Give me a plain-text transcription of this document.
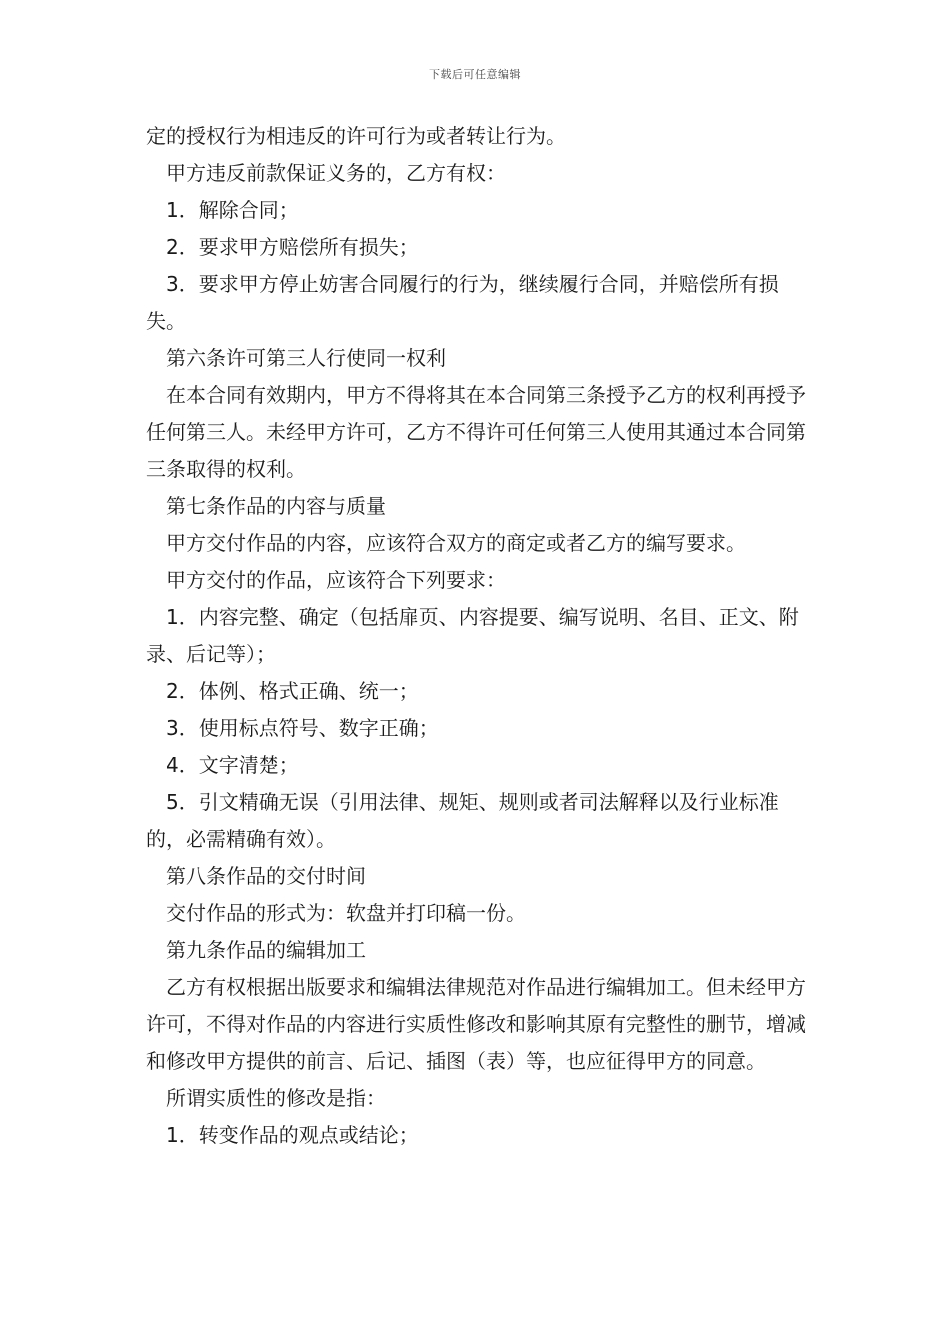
下载后可任意编辑

定的授权行为相违反的许可行为或者转让行为。

甲方违反前款保证义务的，乙方有权：

1．解除合同；

2．要求甲方赔偿所有损失；

3．要求甲方停止妨害合同履行的行为，继续履行合同，并赔偿所有损失。

第六条许可第三人行使同一权利

在本合同有效期内，甲方不得将其在本合同第三条授予乙方的权利再授予任何第三人。未经甲方许可，乙方不得许可任何第三人使用其通过本合同第三条取得的权利。

第七条作品的内容与质量

甲方交付作品的内容，应该符合双方的商定或者乙方的编写要求。

甲方交付的作品，应该符合下列要求：

1．内容完整、确定（包括扉页、内容提要、编写说明、名目、正文、附录、后记等）；

2．体例、格式正确、统一；

3．使用标点符号、数字正确；

4．文字清楚；

5．引文精确无误（引用法律、规矩、规则或者司法解释以及行业标准的，必需精确有效）。

第八条作品的交付时间

交付作品的形式为：软盘并打印稿一份。

第九条作品的编辑加工

乙方有权根据出版要求和编辑法律规范对作品进行编辑加工。但未经甲方许可，不得对作品的内容进行实质性修改和影响其原有完整性的删节，增减和修改甲方提供的前言、后记、插图（表）等，也应征得甲方的同意。

所谓实质性的修改是指：

1．转变作品的观点或结论；
